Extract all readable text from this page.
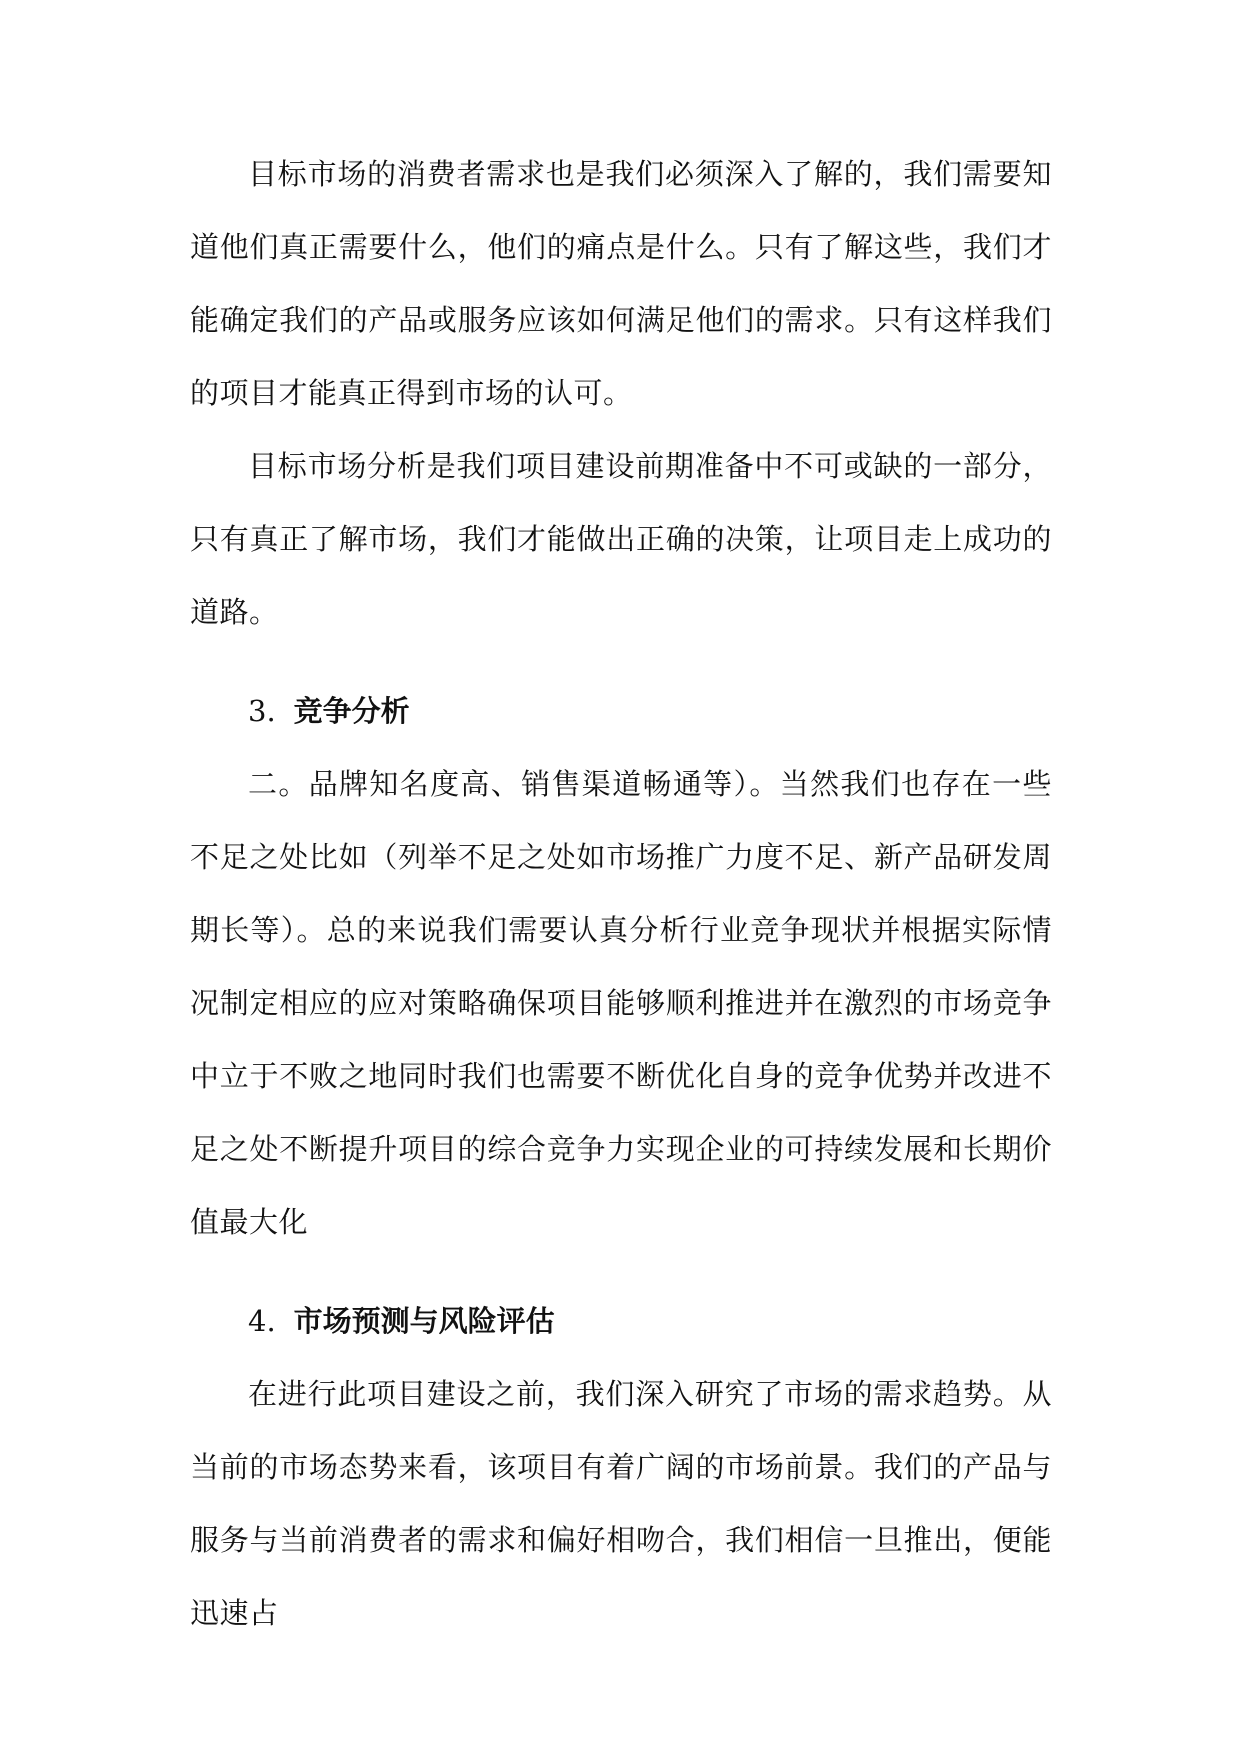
目标市场的消费者需求也是我们必须深入了解的，我们需要知道他们真正需要什么，他们的痛点是什么。只有了解这些，我们才能确定我们的产品或服务应该如何满足他们的需求。只有这样我们的项目才能真正得到市场的认可。

目标市场分析是我们项目建设前期准备中不可或缺的一部分，只有真正了解市场，我们才能做出正确的决策，让项目走上成功的道路。

3. 竞争分析

二。品牌知名度高、销售渠道畅通等）。当然我们也存在一些不足之处比如（列举不足之处如市场推广力度不足、新产品研发周期长等）。总的来说我们需要认真分析行业竞争现状并根据实际情况制定相应的应对策略确保项目能够顺利推进并在激烈的市场竞争中立于不败之地同时我们也需要不断优化自身的竞争优势并改进不足之处不断提升项目的综合竞争力实现企业的可持续发展和长期价值最大化

4. 市场预测与风险评估

在进行此项目建设之前，我们深入研究了市场的需求趋势。从当前的市场态势来看，该项目有着广阔的市场前景。我们的产品与服务与当前消费者的需求和偏好相吻合，我们相信一旦推出，便能迅速占
